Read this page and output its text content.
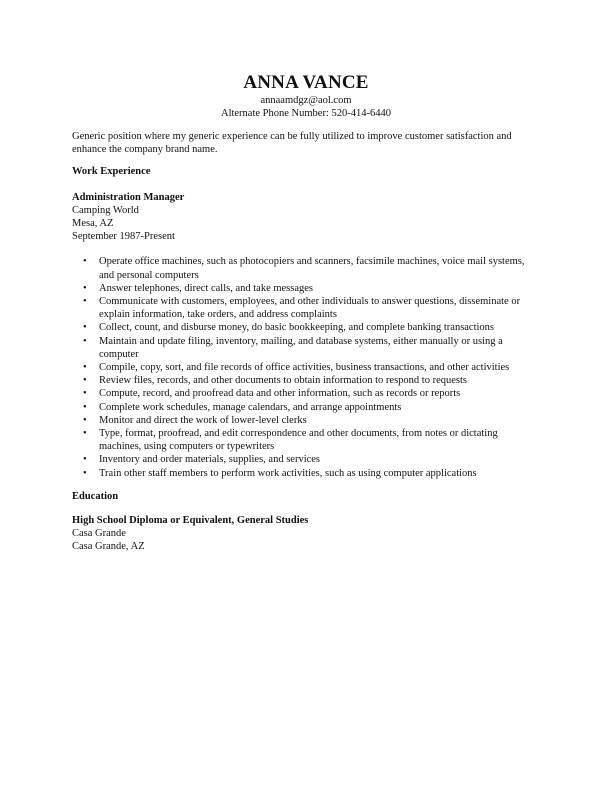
ANNA VANCE
annaamdgz@aol.com
Alternate Phone Number: 520-414-6440

Generic position where my generic experience can be fully utilized to improve customer satisfaction and enhance the company brand name.

Work Experience
Administration Manager
Camping World
Mesa, AZ
September 1987-Present
• Operate office machines, such as photocopiers and scanners, facsimile machines, voice mail systems, and personal computers
• Answer telephones, direct calls, and take messages
• Communicate with customers, employees, and other individuals to answer questions, disseminate or explain information, take orders, and address complaints
• Collect, count, and disburse money, do basic bookkeeping, and complete banking transactions
• Maintain and update filing, inventory, mailing, and database systems, either manually or using a computer
• Compile, copy, sort, and file records of office activities, business transactions, and other activities
• Review files, records, and other documents to obtain information to respond to requests
• Compute, record, and proofread data and other information, such as records or reports
• Complete work schedules, manage calendars, and arrange appointments
• Monitor and direct the work of lower-level clerks
• Type, format, proofread, and edit correspondence and other documents, from notes or dictating machines, using computers or typewriters
• Inventory and order materials, supplies, and services
• Train other staff members to perform work activities, such as using computer applications
Education
High School Diploma or Equivalent, General Studies
Casa Grande
Casa Grande, AZ
